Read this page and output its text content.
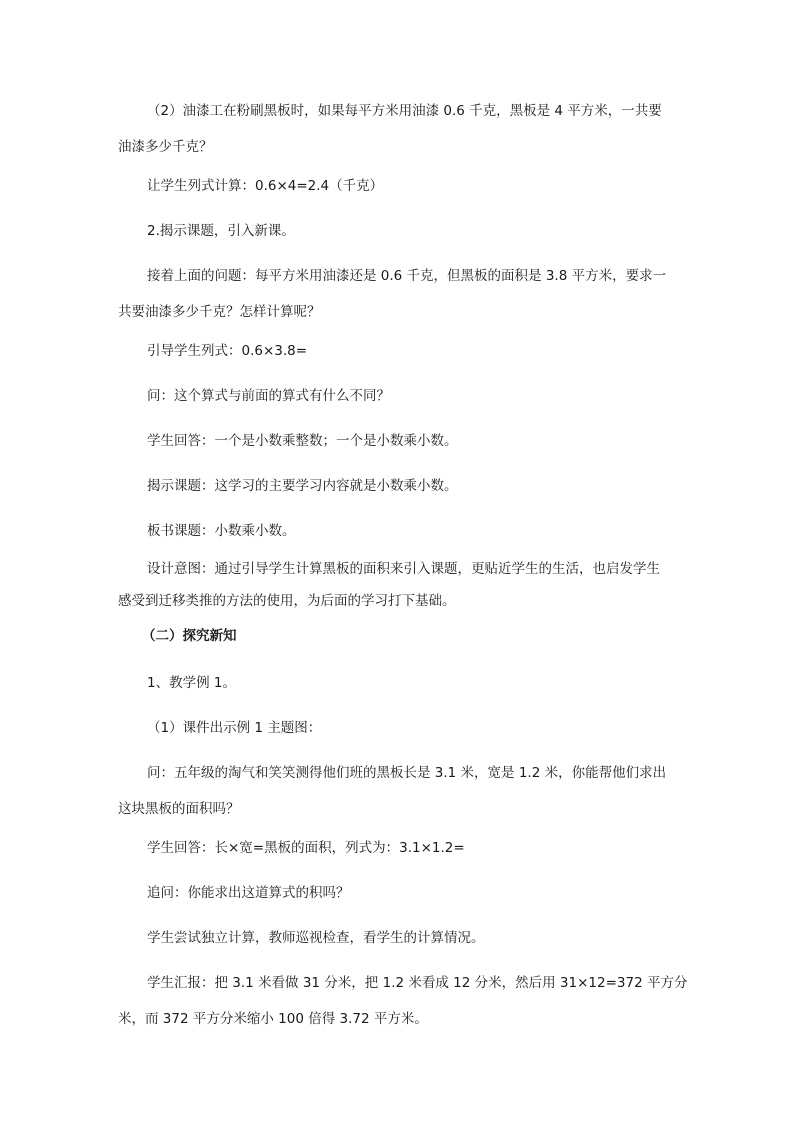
（2）油漆工在粉刷黑板时，如果每平方米用油漆 0.6 千克，黑板是 4 平方米，一共要
油漆多少千克？

让学生列式计算：0.6×4=2.4（千克）

2.揭示课题，引入新课。

接着上面的问题：每平方米用油漆还是 0.6 千克，但黑板的面积是 3.8 平方米，要求一
共要油漆多少千克？怎样计算呢？

引导学生列式：0.6×3.8=

问：这个算式与前面的算式有什么不同？

学生回答：一个是小数乘整数；一个是小数乘小数。

揭示课题：这学习的主要学习内容就是小数乘小数。

板书课题：小数乘小数。

设计意图：通过引导学生计算黑板的面积来引入课题，更贴近学生的生活，也启发学生
感受到迁移类推的方法的使用，为后面的学习打下基础。

（二）探究新知

1、教学例 1。

（1）课件出示例 1 主题图：

问：五年级的淘气和笑笑测得他们班的黑板长是 3.1 米，宽是 1.2 米，你能帮他们求出
这块黑板的面积吗？

学生回答：长×宽=黑板的面积，列式为：3.1×1.2=

追问：你能求出这道算式的积吗？

学生尝试独立计算，教师巡视检查，看学生的计算情况。

学生汇报：把 3.1 米看做 31 分米，把 1.2 米看成 12 分米，然后用 31×12=372 平方分
米，而 372 平方分米缩小 100 倍得 3.72 平方米。
